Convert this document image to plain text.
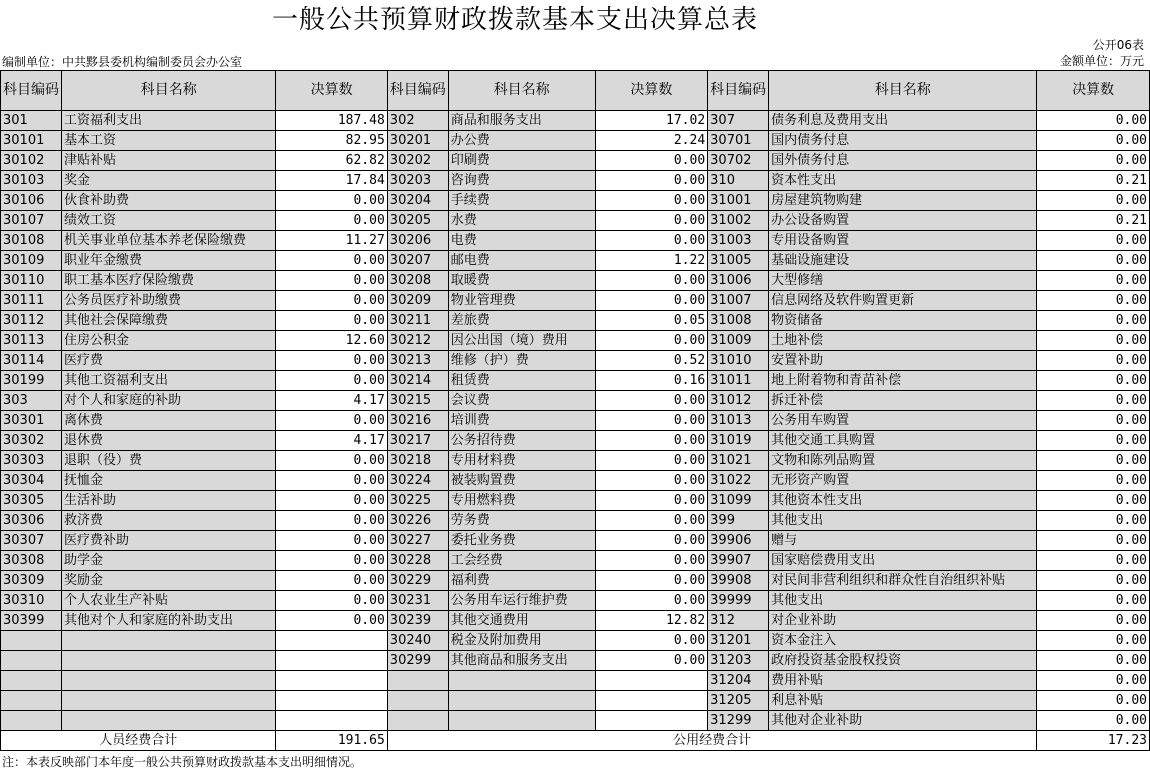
一般公共预算财政拨款基本支出决算总表
公开06表
编制单位：中共黟县委机构编制委员会办公室	金额单位：万元
科目编码	科目名称	决算数	科目编码	科目名称	决算数	科目编码	科目名称	决算数
301	工资福利支出	187.48	302	商品和服务支出	17.02	307	债务利息及费用支出	0.00
30101	基本工资	82.95	30201	办公费	2.24	30701	国内债务付息	0.00
30102	津贴补贴	62.82	30202	印刷费	0.00	30702	国外债务付息	0.00
30103	奖金	17.84	30203	咨询费	0.00	310	资本性支出	0.21
30106	伙食补助费	0.00	30204	手续费	0.00	31001	房屋建筑物购建	0.00
30107	绩效工资	0.00	30205	水费	0.00	31002	办公设备购置	0.21
30108	机关事业单位基本养老保险缴费	11.27	30206	电费	0.00	31003	专用设备购置	0.00
30109	职业年金缴费	0.00	30207	邮电费	1.22	31005	基础设施建设	0.00
30110	职工基本医疗保险缴费	0.00	30208	取暖费	0.00	31006	大型修缮	0.00
30111	公务员医疗补助缴费	0.00	30209	物业管理费	0.00	31007	信息网络及软件购置更新	0.00
30112	其他社会保障缴费	0.00	30211	差旅费	0.05	31008	物资储备	0.00
30113	住房公积金	12.60	30212	因公出国（境）费用	0.00	31009	土地补偿	0.00
30114	医疗费	0.00	30213	维修（护）费	0.52	31010	安置补助	0.00
30199	其他工资福利支出	0.00	30214	租赁费	0.16	31011	地上附着物和青苗补偿	0.00
303	对个人和家庭的补助	4.17	30215	会议费	0.00	31012	拆迁补偿	0.00
30301	离休费	0.00	30216	培训费	0.00	31013	公务用车购置	0.00
30302	退休费	4.17	30217	公务招待费	0.00	31019	其他交通工具购置	0.00
30303	退职（役）费	0.00	30218	专用材料费	0.00	31021	文物和陈列品购置	0.00
30304	抚恤金	0.00	30224	被装购置费	0.00	31022	无形资产购置	0.00
30305	生活补助	0.00	30225	专用燃料费	0.00	31099	其他资本性支出	0.00
30306	救济费	0.00	30226	劳务费	0.00	399	其他支出	0.00
30307	医疗费补助	0.00	30227	委托业务费	0.00	39906	赠与	0.00
30308	助学金	0.00	30228	工会经费	0.00	39907	国家赔偿费用支出	0.00
30309	奖励金	0.00	30229	福利费	0.00	39908	对民间非营利组织和群众性自治组织补贴	0.00
30310	个人农业生产补贴	0.00	30231	公务用车运行维护费	0.00	39999	其他支出	0.00
30399	其他对个人和家庭的补助支出	0.00	30239	其他交通费用	12.82	312	对企业补助	0.00
			30240	税金及附加费用	0.00	31201	资本金注入	0.00
			30299	其他商品和服务支出	0.00	31203	政府投资基金股权投资	0.00
						31204	费用补贴	0.00
						31205	利息补贴	0.00
						31299	其他对企业补助	0.00
人员经费合计		191.65	公用经费合计					17.23
注：本表反映部门本年度一般公共预算财政拨款基本支出明细情况。
